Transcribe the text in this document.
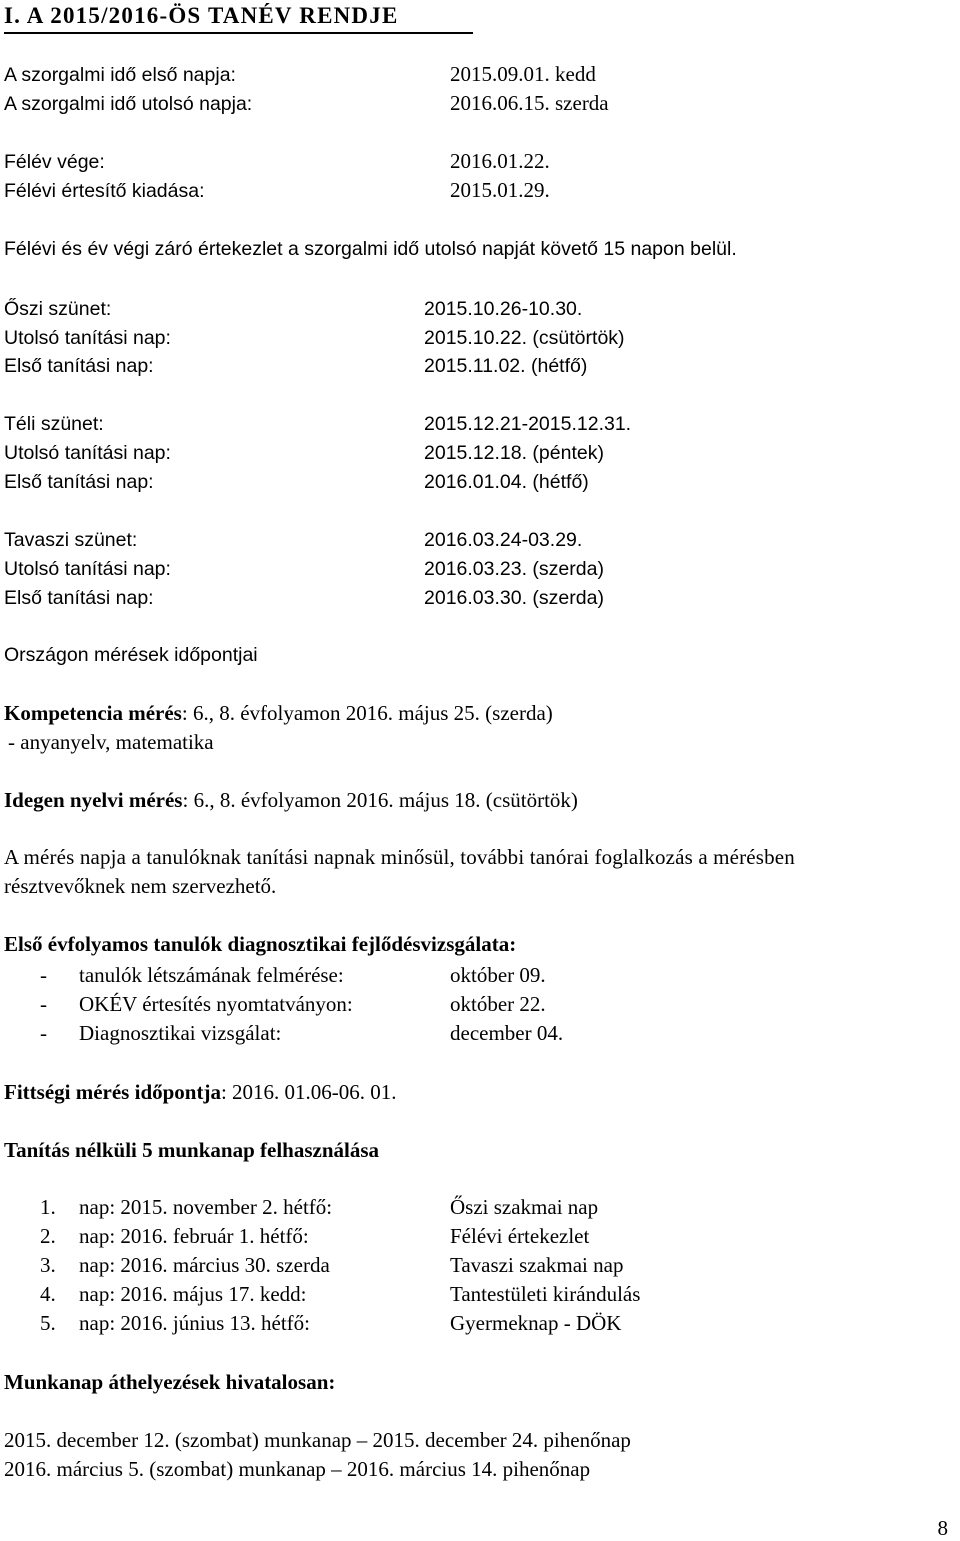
I. A 2015/2016-ÖS TANÉV RENDJE
A szorgalmi idő első napja:	2015.09.01. kedd
A szorgalmi idő utolsó napja:	2016.06.15. szerda
Félév vége:	2016.01.22.
Félévi értesítő kiadása:	2015.01.29.
Félévi és év végi záró értekezlet a szorgalmi idő utolsó napját követő 15 napon belül.
Őszi szünet:	2015.10.26-10.30.
Utolsó tanítási nap:	2015.10.22. (csütörtök)
Első tanítási nap:	2015.11.02. (hétfő)
Téli szünet:	2015.12.21-2015.12.31.
Utolsó tanítási nap:	2015.12.18. (péntek)
Első tanítási nap:	2016.01.04. (hétfő)
Tavaszi szünet:	2016.03.24-03.29.
Utolsó tanítási nap:	2016.03.23. (szerda)
Első tanítási nap:	2016.03.30. (szerda)
Országon mérések időpontjai
Kompetencia mérés: 6., 8. évfolyamon 2016. május 25. (szerda)
- anyanyelv, matematika
Idegen nyelvi mérés: 6., 8. évfolyamon 2016. május 18. (csütörtök)
A mérés napja a tanulóknak tanítási napnak minősül, további tanórai foglalkozás a mérésben
résztvevőknek nem szervezhető.
Első évfolyamos tanulók diagnosztikai fejlődésvizsgálata:
- tanulók létszámának felmérése:	október 09.
- OKÉV értesítés nyomtatványon:	október 22.
- Diagnosztikai vizsgálat:	december 04.
Fittségi mérés időpontja: 2016. 01.06-06. 01.
Tanítás nélküli 5 munkanap felhasználása
1. nap: 2015. november 2. hétfő:	Őszi szakmai nap
2. nap: 2016. február 1. hétfő:	Félévi értekezlet
3. nap: 2016. március 30. szerda	Tavaszi szakmai nap
4. nap: 2016. május 17. kedd:	Tantestületi kirándulás
5. nap: 2016. június 13. hétfő:	Gyermeknap - DÖK
Munkanap áthelyezések hivatalosan:
2015. december 12. (szombat) munkanap – 2015. december 24. pihenőnap
2016. március 5. (szombat) munkanap – 2016. március 14. pihenőnap
8
